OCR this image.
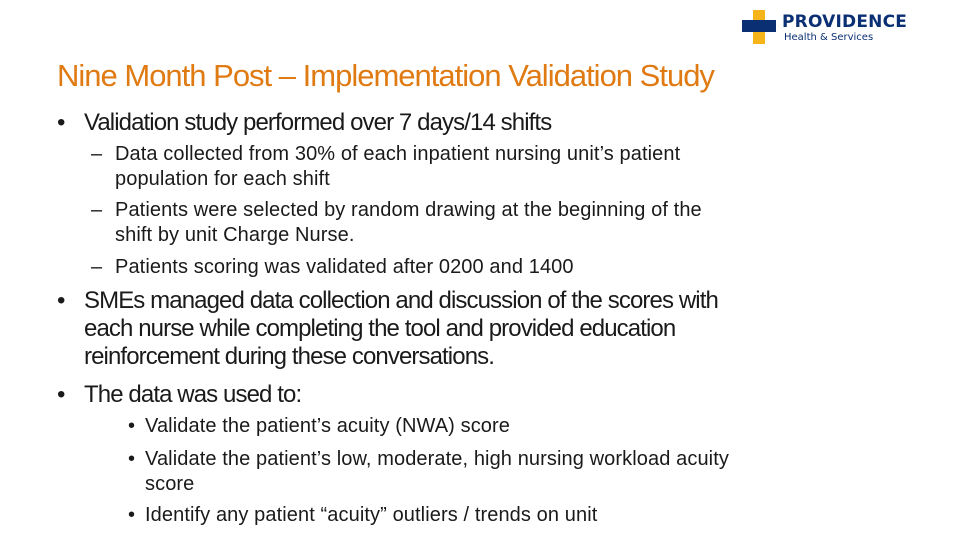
PROVIDENCE
Health & Services
Nine Month Post – Implementation Validation Study
• Validation study performed over 7 days/14 shifts
– Data collected from 30% of each inpatient nursing unit’s patient
population for each shift
– Patients were selected by random drawing at the beginning of the
shift by unit Charge Nurse.
– Patients scoring was validated after 0200 and 1400
• SMEs managed data collection and discussion of the scores with
each nurse while completing the tool and provided education
reinforcement during these conversations.
• The data was used to:
• Validate the patient’s acuity (NWA) score
• Validate the patient’s low, moderate, high nursing workload acuity
score
• Identify any patient “acuity” outliers / trends on unit
